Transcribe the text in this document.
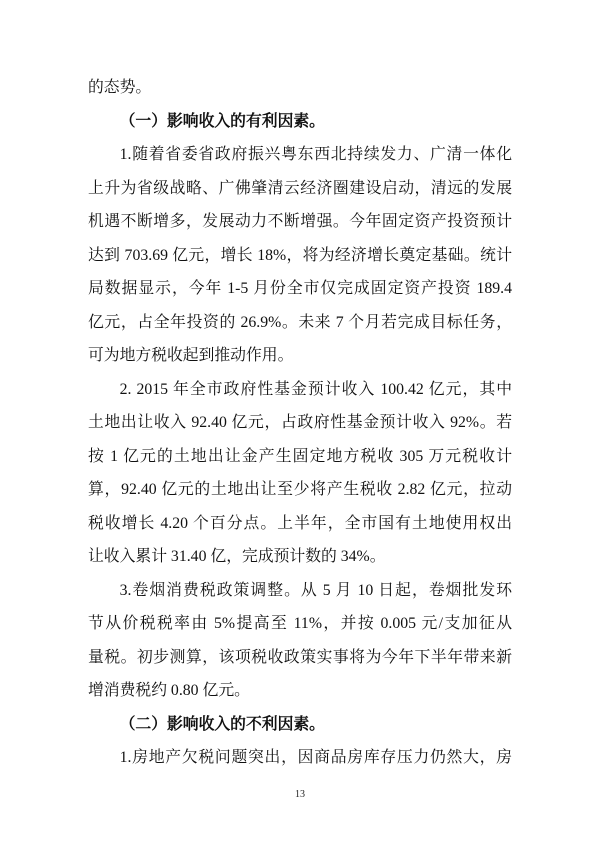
的态势。
（一）影响收入的有利因素。
1.随着省委省政府振兴粤东西北持续发力、广清一体化
上升为省级战略、广佛肇清云经济圈建设启动，清远的发展
机遇不断增多，发展动力不断增强。今年固定资产投资预计
达到 703.69 亿元，增长 18%，将为经济增长奠定基础。统计
局数据显示，今年 1-5 月份全市仅完成固定资产投资 189.4
亿元，占全年投资的 26.9%。未来 7 个月若完成目标任务，
可为地方税收起到推动作用。
2. 2015 年全市政府性基金预计收入 100.42 亿元，其中
土地出让收入 92.40 亿元，占政府性基金预计收入 92%。若
按 1 亿元的土地出让金产生固定地方税收 305 万元税收计
算，92.40 亿元的土地出让至少将产生税收 2.82 亿元，拉动
税收增长 4.20 个百分点。上半年，全市国有土地使用权出
让收入累计 31.40 亿，完成预计数的 34%。
3.卷烟消费税政策调整。从 5 月 10 日起，卷烟批发环
节从价税税率由 5%提高至 11%，并按 0.005 元/支加征从
量税。初步测算，该项税收政策实事将为今年下半年带来新
增消费税约 0.80 亿元。
（二）影响收入的不利因素。
1.房地产欠税问题突出，因商品房库存压力仍然大，房
13
